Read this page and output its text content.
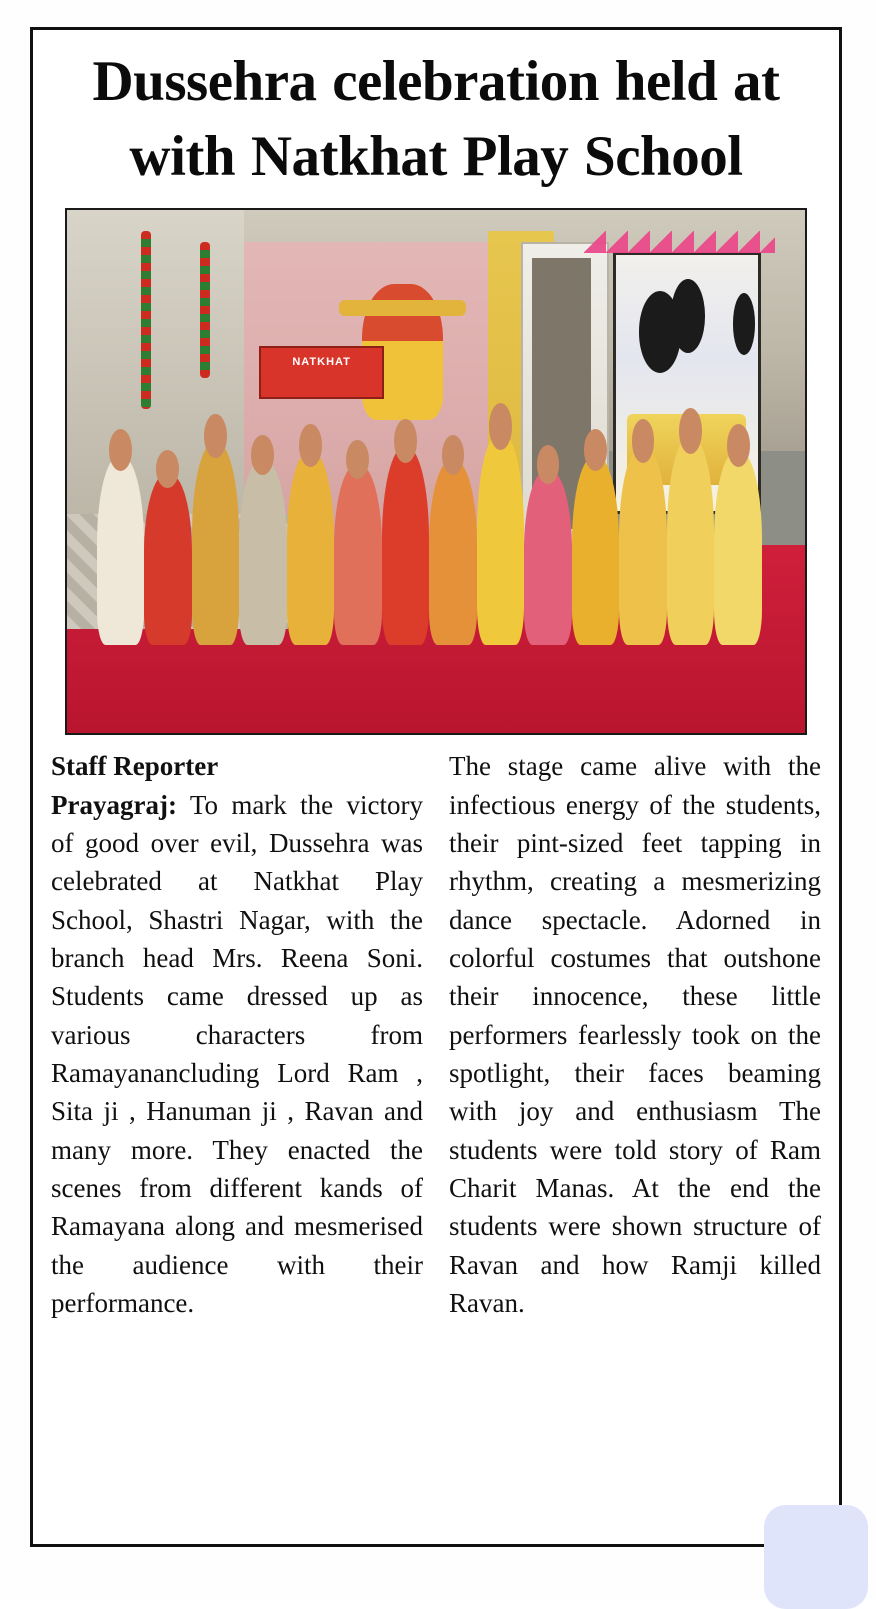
Dussehra celebration held at with Natkhat Play School
NATKHAT
Staff Reporter
Prayagraj: To mark the victory of good over evil, Dussehra was celebrated at Natkhat Play School, Shastri Nagar, with the branch head Mrs. Reena Soni. Students came dressed up as various characters from Ramayanancluding Lord Ram , Sita ji , Hanuman ji , Ravan and many more. They enacted the scenes from different kands of Ramayana along and mesmerised the audience with their performance.
The stage came alive with the infectious energy of the students, their pint-sized feet tapping in rhythm, creating a mesmerizing dance spectacle. Adorned in colorful costumes that outshone their innocence, these little performers fearlessly took on the spotlight, their faces beaming with joy and enthusiasm The students were told story of Ram Charit Manas. At the end the students were shown structure of Ravan and how Ramji killed Ravan.
